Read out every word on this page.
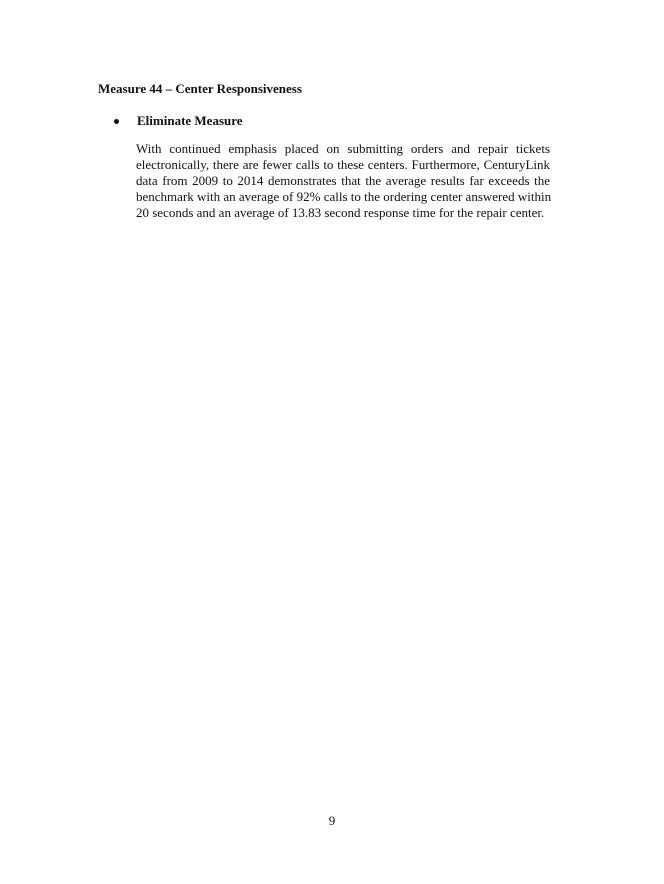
Measure 44 – Center Responsiveness
Eliminate Measure

With continued emphasis placed on submitting orders and repair tickets
electronically, there are fewer calls to these centers. Furthermore, CenturyLink
data from 2009 to 2014 demonstrates that the average results far exceeds the
benchmark with an average of 92% calls to the ordering center answered within
20 seconds and an average of 13.83 second response time for the repair center.

9
